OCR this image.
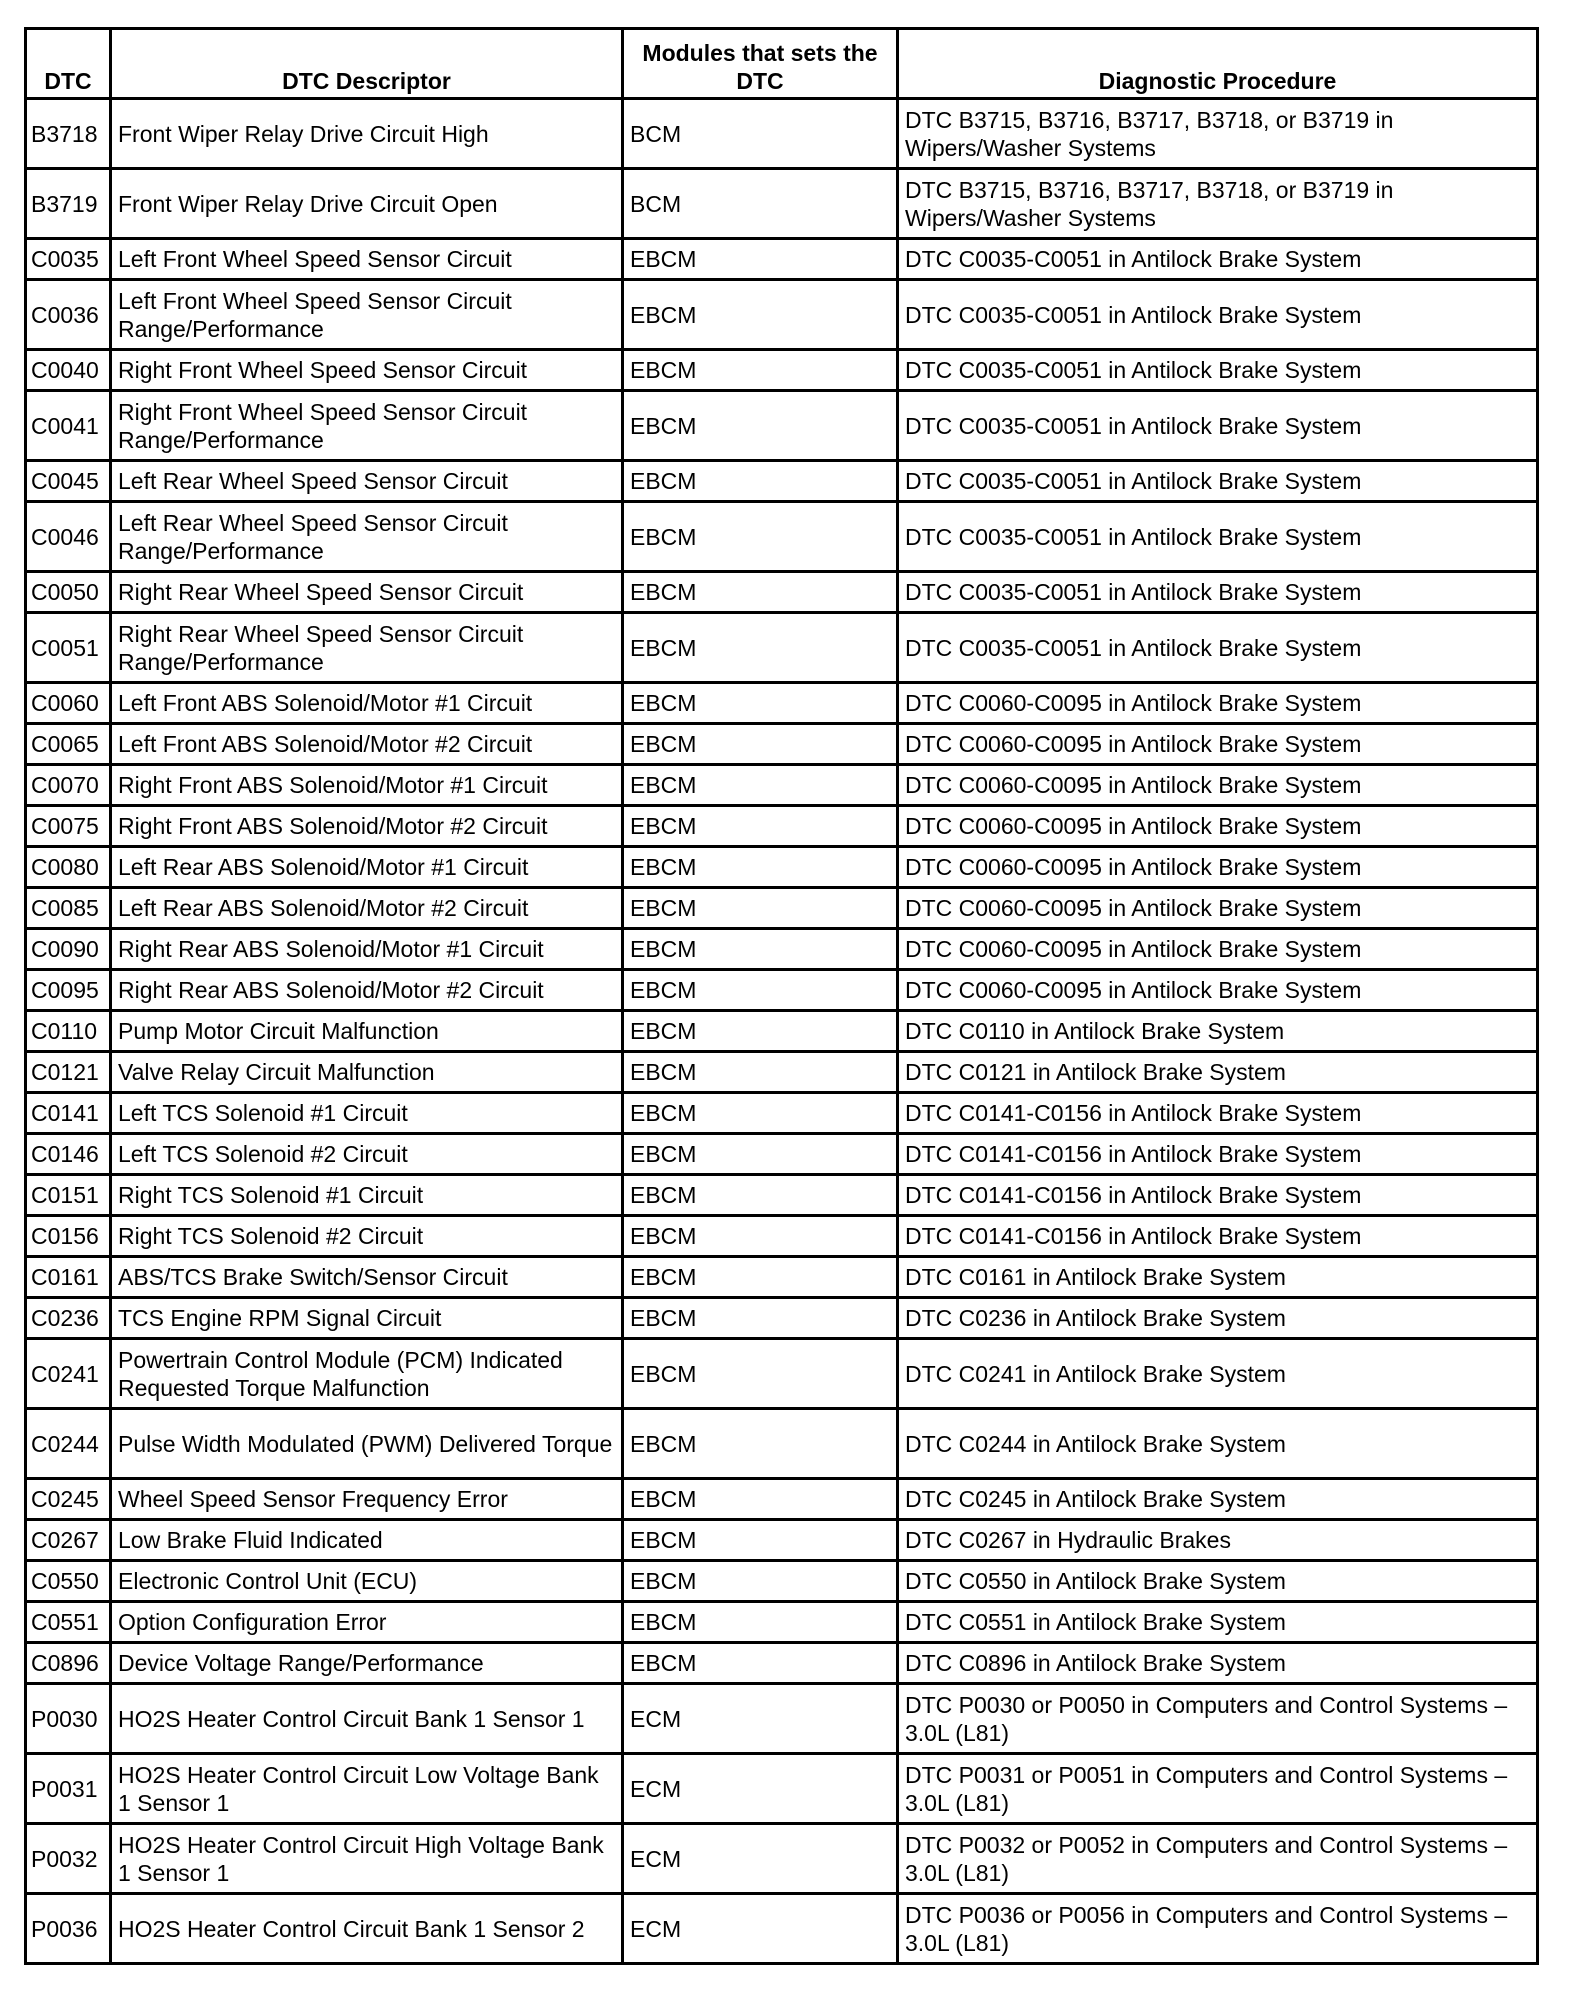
DTC	DTC Descriptor	Modules that sets the DTC	Diagnostic Procedure
B3718	Front Wiper Relay Drive Circuit High	BCM	DTC B3715, B3716, B3717, B3718, or B3719 in Wipers/Washer Systems
B3719	Front Wiper Relay Drive Circuit Open	BCM	DTC B3715, B3716, B3717, B3718, or B3719 in Wipers/Washer Systems
C0035	Left Front Wheel Speed Sensor Circuit	EBCM	DTC C0035-C0051 in Antilock Brake System
C0036	Left Front Wheel Speed Sensor Circuit Range/Performance	EBCM	DTC C0035-C0051 in Antilock Brake System
C0040	Right Front Wheel Speed Sensor Circuit	EBCM	DTC C0035-C0051 in Antilock Brake System
C0041	Right Front Wheel Speed Sensor Circuit Range/Performance	EBCM	DTC C0035-C0051 in Antilock Brake System
C0045	Left Rear Wheel Speed Sensor Circuit	EBCM	DTC C0035-C0051 in Antilock Brake System
C0046	Left Rear Wheel Speed Sensor Circuit Range/Performance	EBCM	DTC C0035-C0051 in Antilock Brake System
C0050	Right Rear Wheel Speed Sensor Circuit	EBCM	DTC C0035-C0051 in Antilock Brake System
C0051	Right Rear Wheel Speed Sensor Circuit Range/Performance	EBCM	DTC C0035-C0051 in Antilock Brake System
C0060	Left Front ABS Solenoid/Motor #1 Circuit	EBCM	DTC C0060-C0095 in Antilock Brake System
C0065	Left Front ABS Solenoid/Motor #2 Circuit	EBCM	DTC C0060-C0095 in Antilock Brake System
C0070	Right Front ABS Solenoid/Motor #1 Circuit	EBCM	DTC C0060-C0095 in Antilock Brake System
C0075	Right Front ABS Solenoid/Motor #2 Circuit	EBCM	DTC C0060-C0095 in Antilock Brake System
C0080	Left Rear ABS Solenoid/Motor #1 Circuit	EBCM	DTC C0060-C0095 in Antilock Brake System
C0085	Left Rear ABS Solenoid/Motor #2 Circuit	EBCM	DTC C0060-C0095 in Antilock Brake System
C0090	Right Rear ABS Solenoid/Motor #1 Circuit	EBCM	DTC C0060-C0095 in Antilock Brake System
C0095	Right Rear ABS Solenoid/Motor #2 Circuit	EBCM	DTC C0060-C0095 in Antilock Brake System
C0110	Pump Motor Circuit Malfunction	EBCM	DTC C0110 in Antilock Brake System
C0121	Valve Relay Circuit Malfunction	EBCM	DTC C0121 in Antilock Brake System
C0141	Left TCS Solenoid #1 Circuit	EBCM	DTC C0141-C0156 in Antilock Brake System
C0146	Left TCS Solenoid #2 Circuit	EBCM	DTC C0141-C0156 in Antilock Brake System
C0151	Right TCS Solenoid #1 Circuit	EBCM	DTC C0141-C0156 in Antilock Brake System
C0156	Right TCS Solenoid #2 Circuit	EBCM	DTC C0141-C0156 in Antilock Brake System
C0161	ABS/TCS Brake Switch/Sensor Circuit	EBCM	DTC C0161 in Antilock Brake System
C0236	TCS Engine RPM Signal Circuit	EBCM	DTC C0236 in Antilock Brake System
C0241	Powertrain Control Module (PCM) Indicated Requested Torque Malfunction	EBCM	DTC C0241 in Antilock Brake System
C0244	Pulse Width Modulated (PWM) Delivered Torque	EBCM	DTC C0244 in Antilock Brake System
C0245	Wheel Speed Sensor Frequency Error	EBCM	DTC C0245 in Antilock Brake System
C0267	Low Brake Fluid Indicated	EBCM	DTC C0267 in Hydraulic Brakes
C0550	Electronic Control Unit (ECU)	EBCM	DTC C0550 in Antilock Brake System
C0551	Option Configuration Error	EBCM	DTC C0551 in Antilock Brake System
C0896	Device Voltage Range/Performance	EBCM	DTC C0896 in Antilock Brake System
P0030	HO2S Heater Control Circuit Bank 1 Sensor 1	ECM	DTC P0030 or P0050 in Computers and Control Systems – 3.0L (L81)
P0031	HO2S Heater Control Circuit Low Voltage Bank 1 Sensor 1	ECM	DTC P0031 or P0051 in Computers and Control Systems – 3.0L (L81)
P0032	HO2S Heater Control Circuit High Voltage Bank 1 Sensor 1	ECM	DTC P0032 or P0052 in Computers and Control Systems – 3.0L (L81)
P0036	HO2S Heater Control Circuit Bank 1 Sensor 2	ECM	DTC P0036 or P0056 in Computers and Control Systems – 3.0L (L81)
